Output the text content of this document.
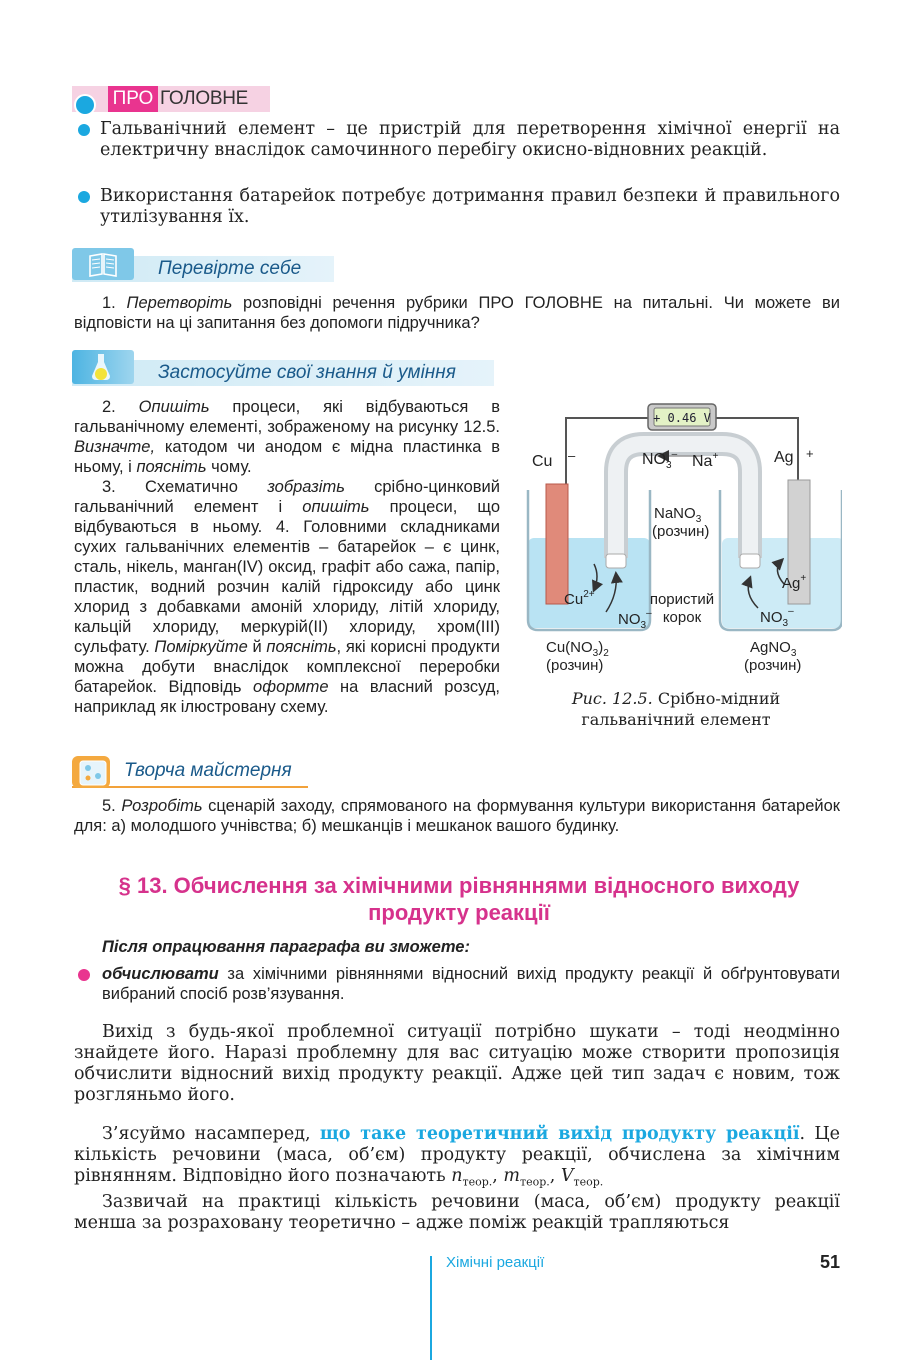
ПРО ГОЛОВНЕ

Гальванічний елемент – це пристрій для перетворення хімічної енергії на електричну внаслідок самочинного перебігу окисно-відновних реакцій.

Використання батарейок потребує дотримання правил безпеки й правильного утилізування їх.

Перевірте себе

1. Перетворіть розповідні речення рубрики ПРО ГОЛОВНЕ на питальні. Чи можете ви відповісти на ці запитання без допомоги підручника?

Застосуйте свої знання й уміння

2. Опишіть процеси, які відбуваються в гальванічному елементі, зображеному на рисунку 12.5. Визначте, катодом чи анодом є мідна пластинка в ньому, і поясніть чому.

3. Схематично зобразіть срібно-цинковий гальванічний елемент і опишіть процеси, що відбуваються в ньому. 4. Головними складниками сухих гальванічних елементів – батарейок – є цинк, сталь, нікель, манган(IV) оксид, графіт або сажа, папір, пластик, водний розчин калій гідроксиду або цинк хлорид з добавками амоній хлориду, літій хлориду, кальцій хлориду, меркурій(II) хлориду, хром(III) сульфату. Поміркуйте й поясніть, які корисні продукти можна добути внаслідок комплексної переробки батарейок. Відповідь оформте на власний розсуд, наприклад як ілюстровану схему.

+ 0.46 V
Cu –	Ag +
$NO_3^-$ Na+
NaNO$_3$
(розчин)
$Cu^{2+}$
$NO_3^-$
пористий
корок
Ag+
$NO_3^-$
$Cu(NO_3)_2$
(розчин)
AgNO$_3$
(розчин)
Рис. 12.5. Срібно-мідний
гальванічний елемент
Творча майстерня

5. Розробіть сценарій заходу, спрямованого на формування культури використання батарейок для: а) молодшого учнівства; б) мешканців і мешканок вашого будинку.

§ 13. Обчислення за хімічними рівняннями відносного виходу
продукту реакції
Після опрацювання параграфа ви зможете:

обчислювати за хімічними рівняннями відносний вихід продукту реакції й обґрунтовувати вибраний спосіб розв’язування.

Вихід з будь-якої проблемної ситуації потрібно шукати – тоді неодмінно знайдете його. Наразі проблемну для вас ситуацію може створити пропозиція обчислити відносний вихід продукту реакції. Адже цей тип задач є новим, тож розгляньмо його.

З’ясуймо насамперед, що таке теоретичний вихід продукту реакції. Це кількість речовини (маса, об’єм) продукту реакції, обчислена за хімічним рівнянням. Відповідно його позначають $n_{теор.}$, $m_{теор.}$, $V_{теор.}$

Зазвичай на практиці кількість речовини (маса, об’єм) продукту реакції менша за розраховану теоретично – адже поміж реакцій трапляються

Хімічні реакції	51
